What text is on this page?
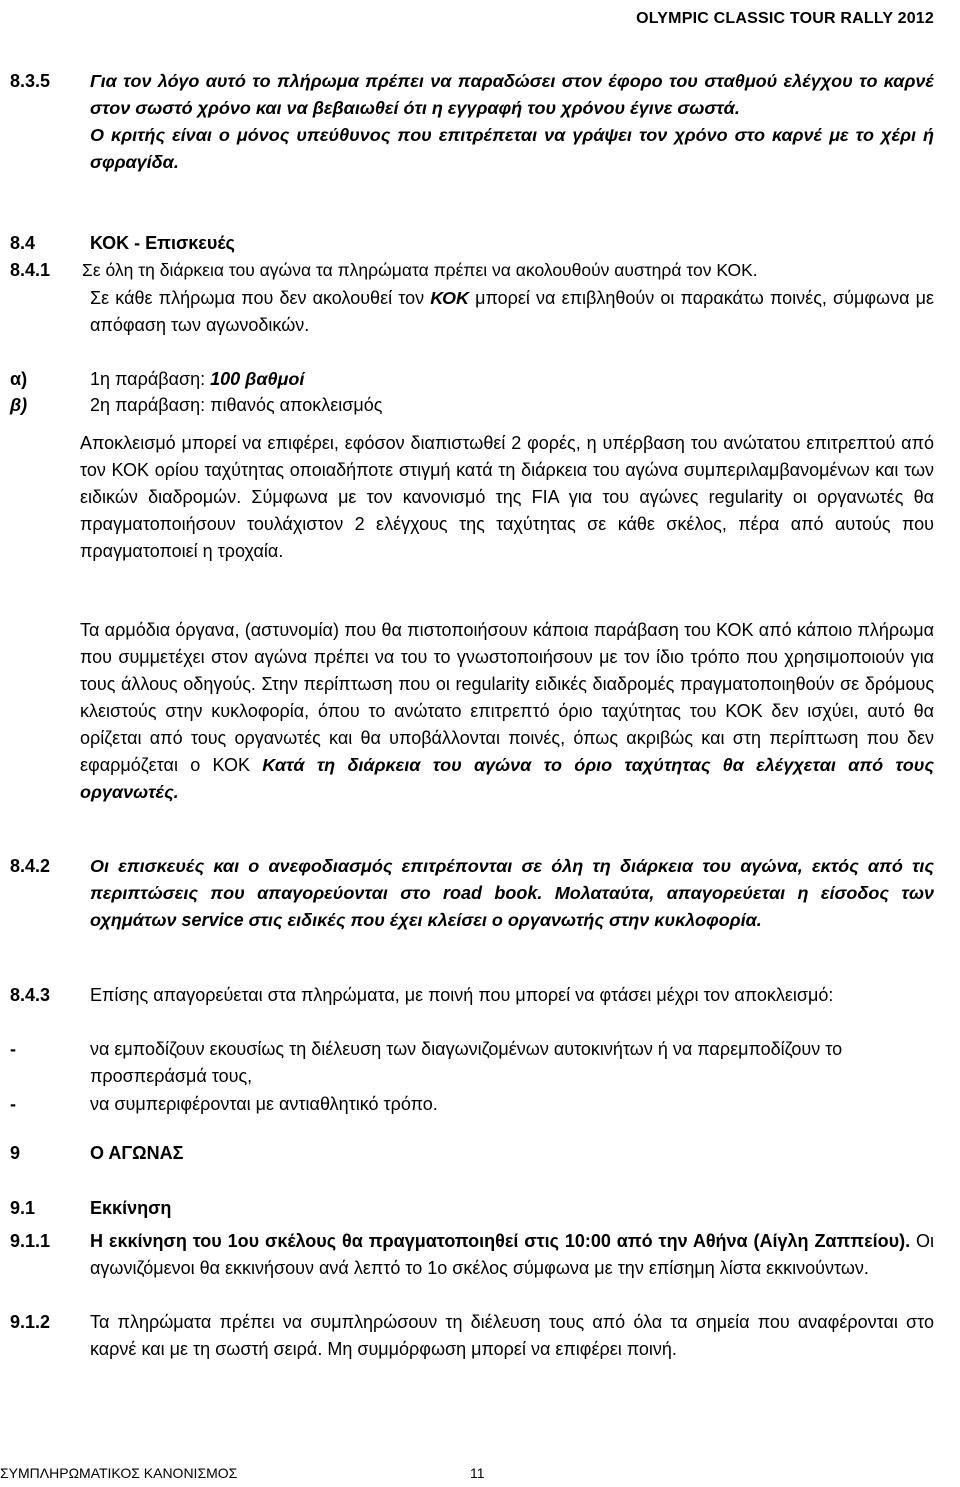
OLYMPIC CLASSIC TOUR RALLY 2012
8.3.5 Για τον λόγο αυτό το πλήρωμα πρέπει να παραδώσει στον έφορο του σταθμού ελέγχου το καρνέ στον σωστό χρόνο και να βεβαιωθεί ότι η εγγραφή του χρόνου έγινε σωστά.
Ο κριτής είναι ο μόνος υπεύθυνος που επιτρέπεται να γράψει τον χρόνο στο καρνέ με το χέρι ή σφραγίδα.
8.4	ΚΟΚ - Επισκευές
8.4.1 Σε όλη τη διάρκεια του αγώνα τα πληρώματα πρέπει να ακολουθούν αυστηρά τον ΚΟΚ.
Σε κάθε πλήρωμα που δεν ακολουθεί τον ΚΟΚ μπορεί να επιβληθούν οι παρακάτω ποινές, σύμφωνα με απόφαση των αγωνοδικών.
α)	1η παράβαση: 100 βαθμοί
β)	2η παράβαση: πιθανός αποκλεισμός
Αποκλεισμό μπορεί να επιφέρει, εφόσον διαπιστωθεί 2 φορές, η υπέρβαση του ανώτατου επιτρεπτού από τον ΚΟΚ ορίου ταχύτητας οποιαδήποτε στιγμή κατά τη διάρκεια του αγώνα συμπεριλαμβανομένων και των ειδικών διαδρομών. Σύμφωνα με τον κανονισμό της FIA για του αγώνες regularity οι οργανωτές θα πραγματοποιήσουν τουλάχιστον 2 ελέγχους της ταχύτητας σε κάθε σκέλος, πέρα από αυτούς που πραγματοποιεί η τροχαία.
Τα αρμόδια όργανα, (αστυνομία) που θα πιστοποιήσουν κάποια παράβαση του ΚΟΚ από κάποιο πλήρωμα που συμμετέχει στον αγώνα πρέπει να του το γνωστοποιήσουν με τον ίδιο τρόπο που χρησιμοποιούν για τους άλλους οδηγούς. Στην περίπτωση που οι regularity ειδικές διαδρομές πραγματοποιηθούν σε δρόμους κλειστούς στην κυκλοφορία, όπου το ανώτατο επιτρεπτό όριο ταχύτητας του ΚΟΚ δεν ισχύει, αυτό θα ορίζεται από τους οργανωτές και θα υποβάλλονται ποινές, όπως ακριβώς και στη περίπτωση που δεν εφαρμόζεται ο ΚΟΚ Κατά τη διάρκεια του αγώνα το όριο ταχύτητας θα ελέγχεται από τους οργανωτές.
8.4.2 Οι επισκευές και ο ανεφοδιασμός επιτρέπονται σε όλη τη διάρκεια του αγώνα, εκτός από τις περιπτώσεις που απαγορεύονται στο road book. Μολαταύτα, απαγορεύεται η είσοδος των οχημάτων service στις ειδικές που έχει κλείσει ο οργανωτής στην κυκλοφορία.
8.4.3 Επίσης απαγορεύεται στα πληρώματα, με ποινή που μπορεί να φτάσει μέχρι τον αποκλεισμό:
-	να εμποδίζουν εκουσίως τη διέλευση των διαγωνιζομένων αυτοκινήτων ή να παρεμποδίζουν το προσπεράσμά τους,
-	να συμπεριφέρονται με αντιαθλητικό τρόπο.
9	Ο ΑΓΩΝΑΣ
9.1	Εκκίνηση
9.1.1 Η εκκίνηση του 1ου σκέλους θα πραγματοποιηθεί στις 10:00 από την Αθήνα (Αίγλη Ζαππείου). Οι αγωνιζόμενοι θα εκκινήσουν ανά λεπτό το 1ο σκέλος σύμφωνα με την επίσημη λίστα εκκινούντων.
9.1.2 Τα πληρώματα πρέπει να συμπληρώσουν τη διέλευση τους από όλα τα σημεία που αναφέρονται στο καρνέ και με τη σωστή σειρά. Μη συμμόρφωση μπορεί να επιφέρει ποινή.
ΣΥΜΠΛΗΡΩΜΑΤΙΚΟΣ ΚΑΝΟΝΙΣΜΟΣ	11
